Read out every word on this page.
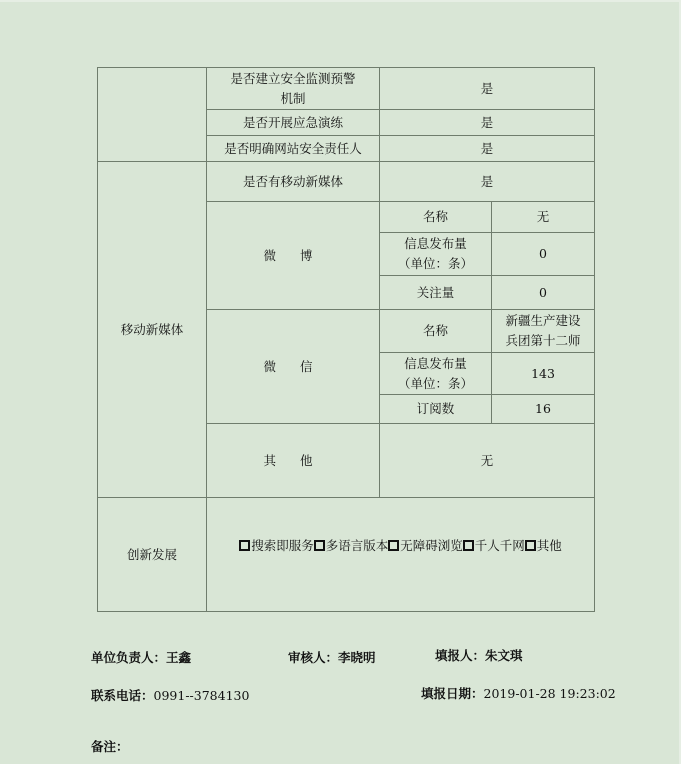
	是否建立安全监测预警
机制	是	
	是否开展应急演练	是	
	是否明确网站安全责任人	是	
移动新媒体	是否有移动新媒体	是	
	微 博	名称	无

		信息发布量
（单位：条）	0
		关注量	0
	微 信	名称	新疆生产建设
兵团第十二师

		信息发布量
（单位：条）	143
		订阅数	16
	其 他	无	
创新发展	搜索即服务 多语言版本 无障碍浏览 千人千网 其他		
单位负责人：王鑫	审核人：李晓明	填报人：朱文琪
联系电话：0991--3784130	填报日期：2019-01-28 19:23:02
备注：
